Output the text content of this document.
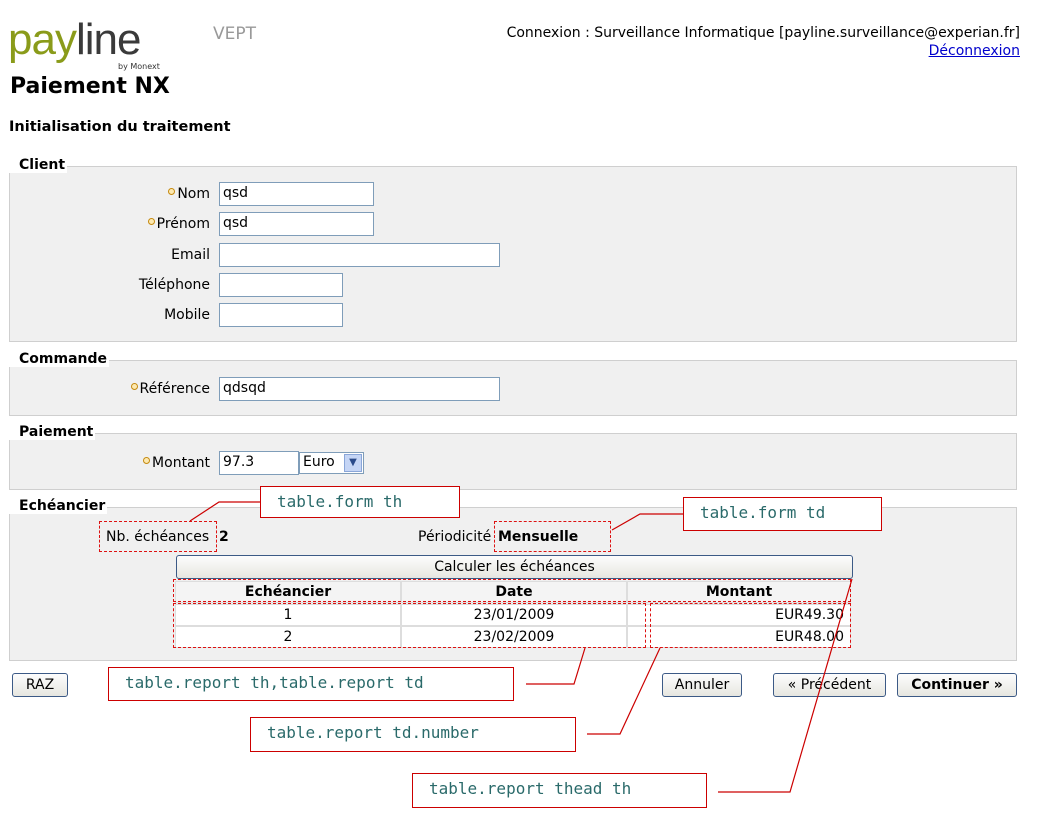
payline
by Monext
VEPT
Paiement NX
Connexion : Surveillance Informatique [payline.surveillance@experian.fr]
Déconnexion
Initialisation du traitement
Client
Nom qsd
Prénom qsd
Email
Téléphone
Mobile
Commande
Référence qdsqd
Paiement
Montant 97.3	Euro	▼
Echéancier
Nb. échéances 2	Périodicité Mensuelle
Calculer les échéances
Echéancier	Date	Montant
1	23/01/2009	EUR49.30
2	23/02/2009	EUR48.00
RAZ	Annuler	« Précédent	Continuer »
table.form th
table.form td
table.report th,table.report td
table.report td.number
table.report thead th
